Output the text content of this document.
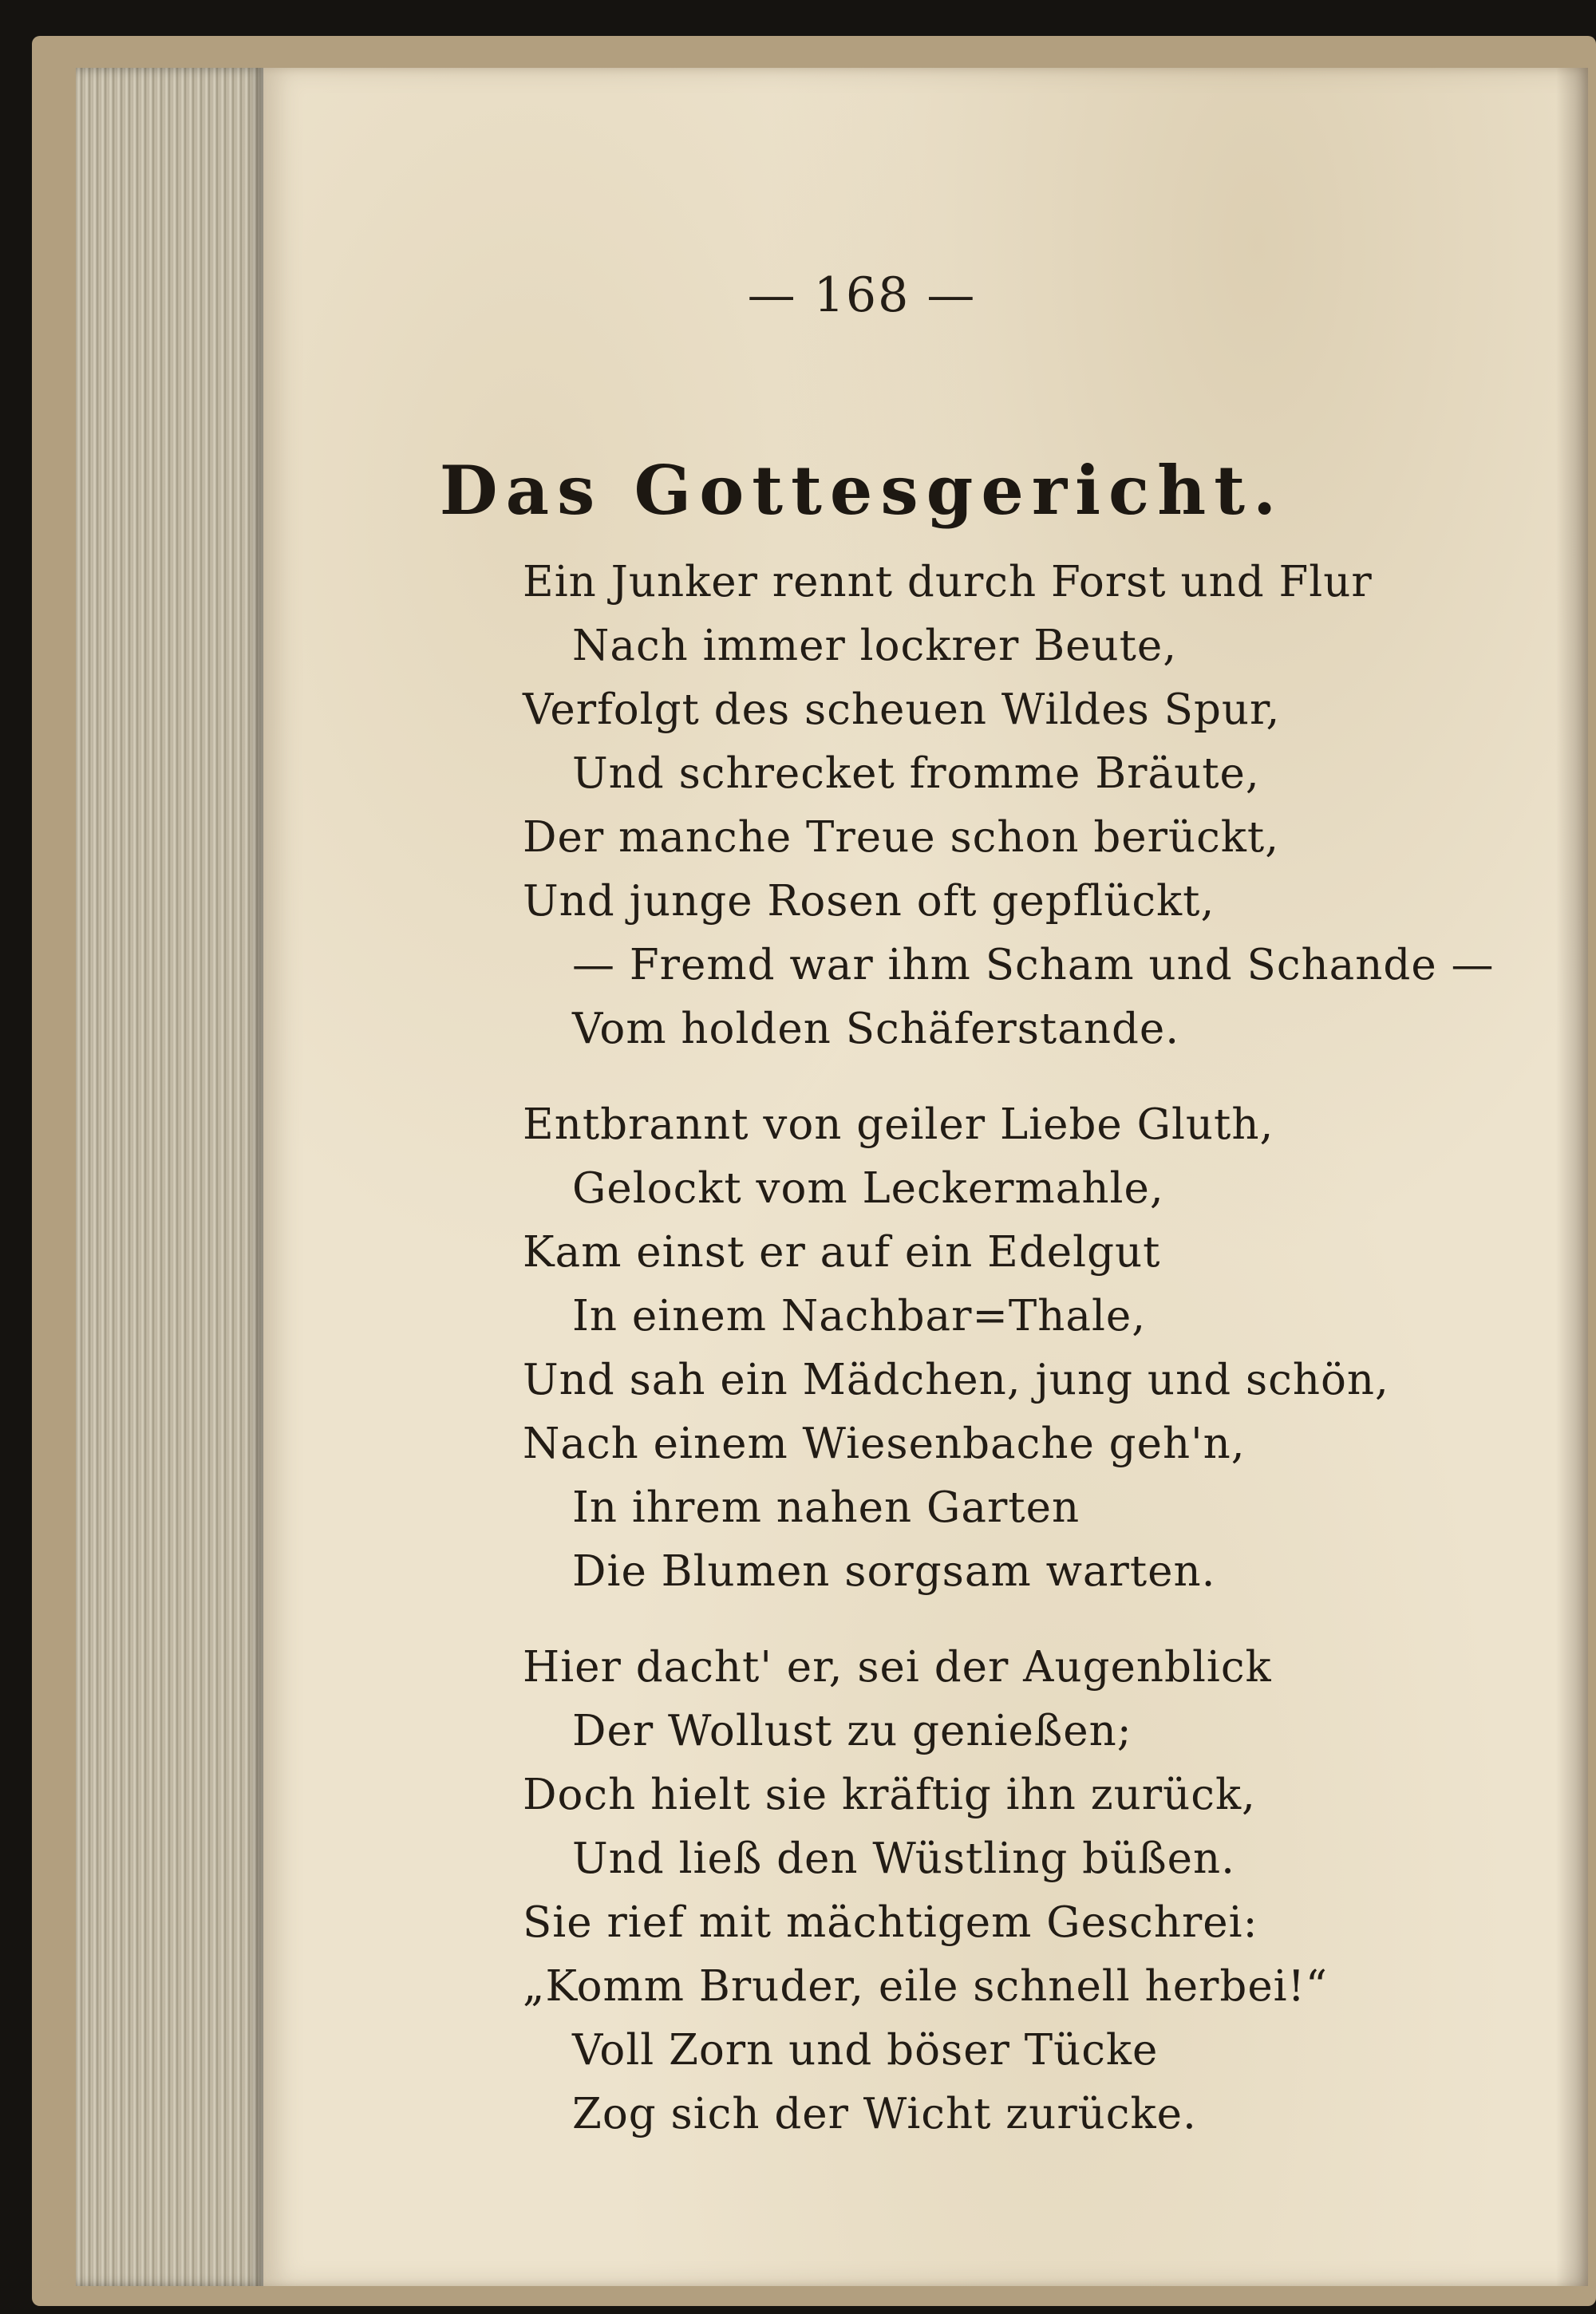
— 168 —
Das Gottesgericht.
Ein Junker rennt durch Forst und Flur
Nach immer lockrer Beute,
Verfolgt des scheuen Wildes Spur,
Und schrecket fromme Bräute,
Der manche Treue schon berückt,
Und junge Rosen oft gepflückt,
— Fremd war ihm Scham und Schande —
Vom holden Schäferstande.
Entbrannt von geiler Liebe Gluth,
Gelockt vom Leckermahle,
Kam einst er auf ein Edelgut
In einem Nachbar=Thale,
Und sah ein Mädchen, jung und schön,
Nach einem Wiesenbache geh'n,
In ihrem nahen Garten
Die Blumen sorgsam warten.
Hier dacht' er, sei der Augenblick
Der Wollust zu genießen;
Doch hielt sie kräftig ihn zurück,
Und ließ den Wüstling büßen.
Sie rief mit mächtigem Geschrei:
„Komm Bruder, eile schnell herbei!“
Voll Zorn und böser Tücke
Zog sich der Wicht zurücke.
